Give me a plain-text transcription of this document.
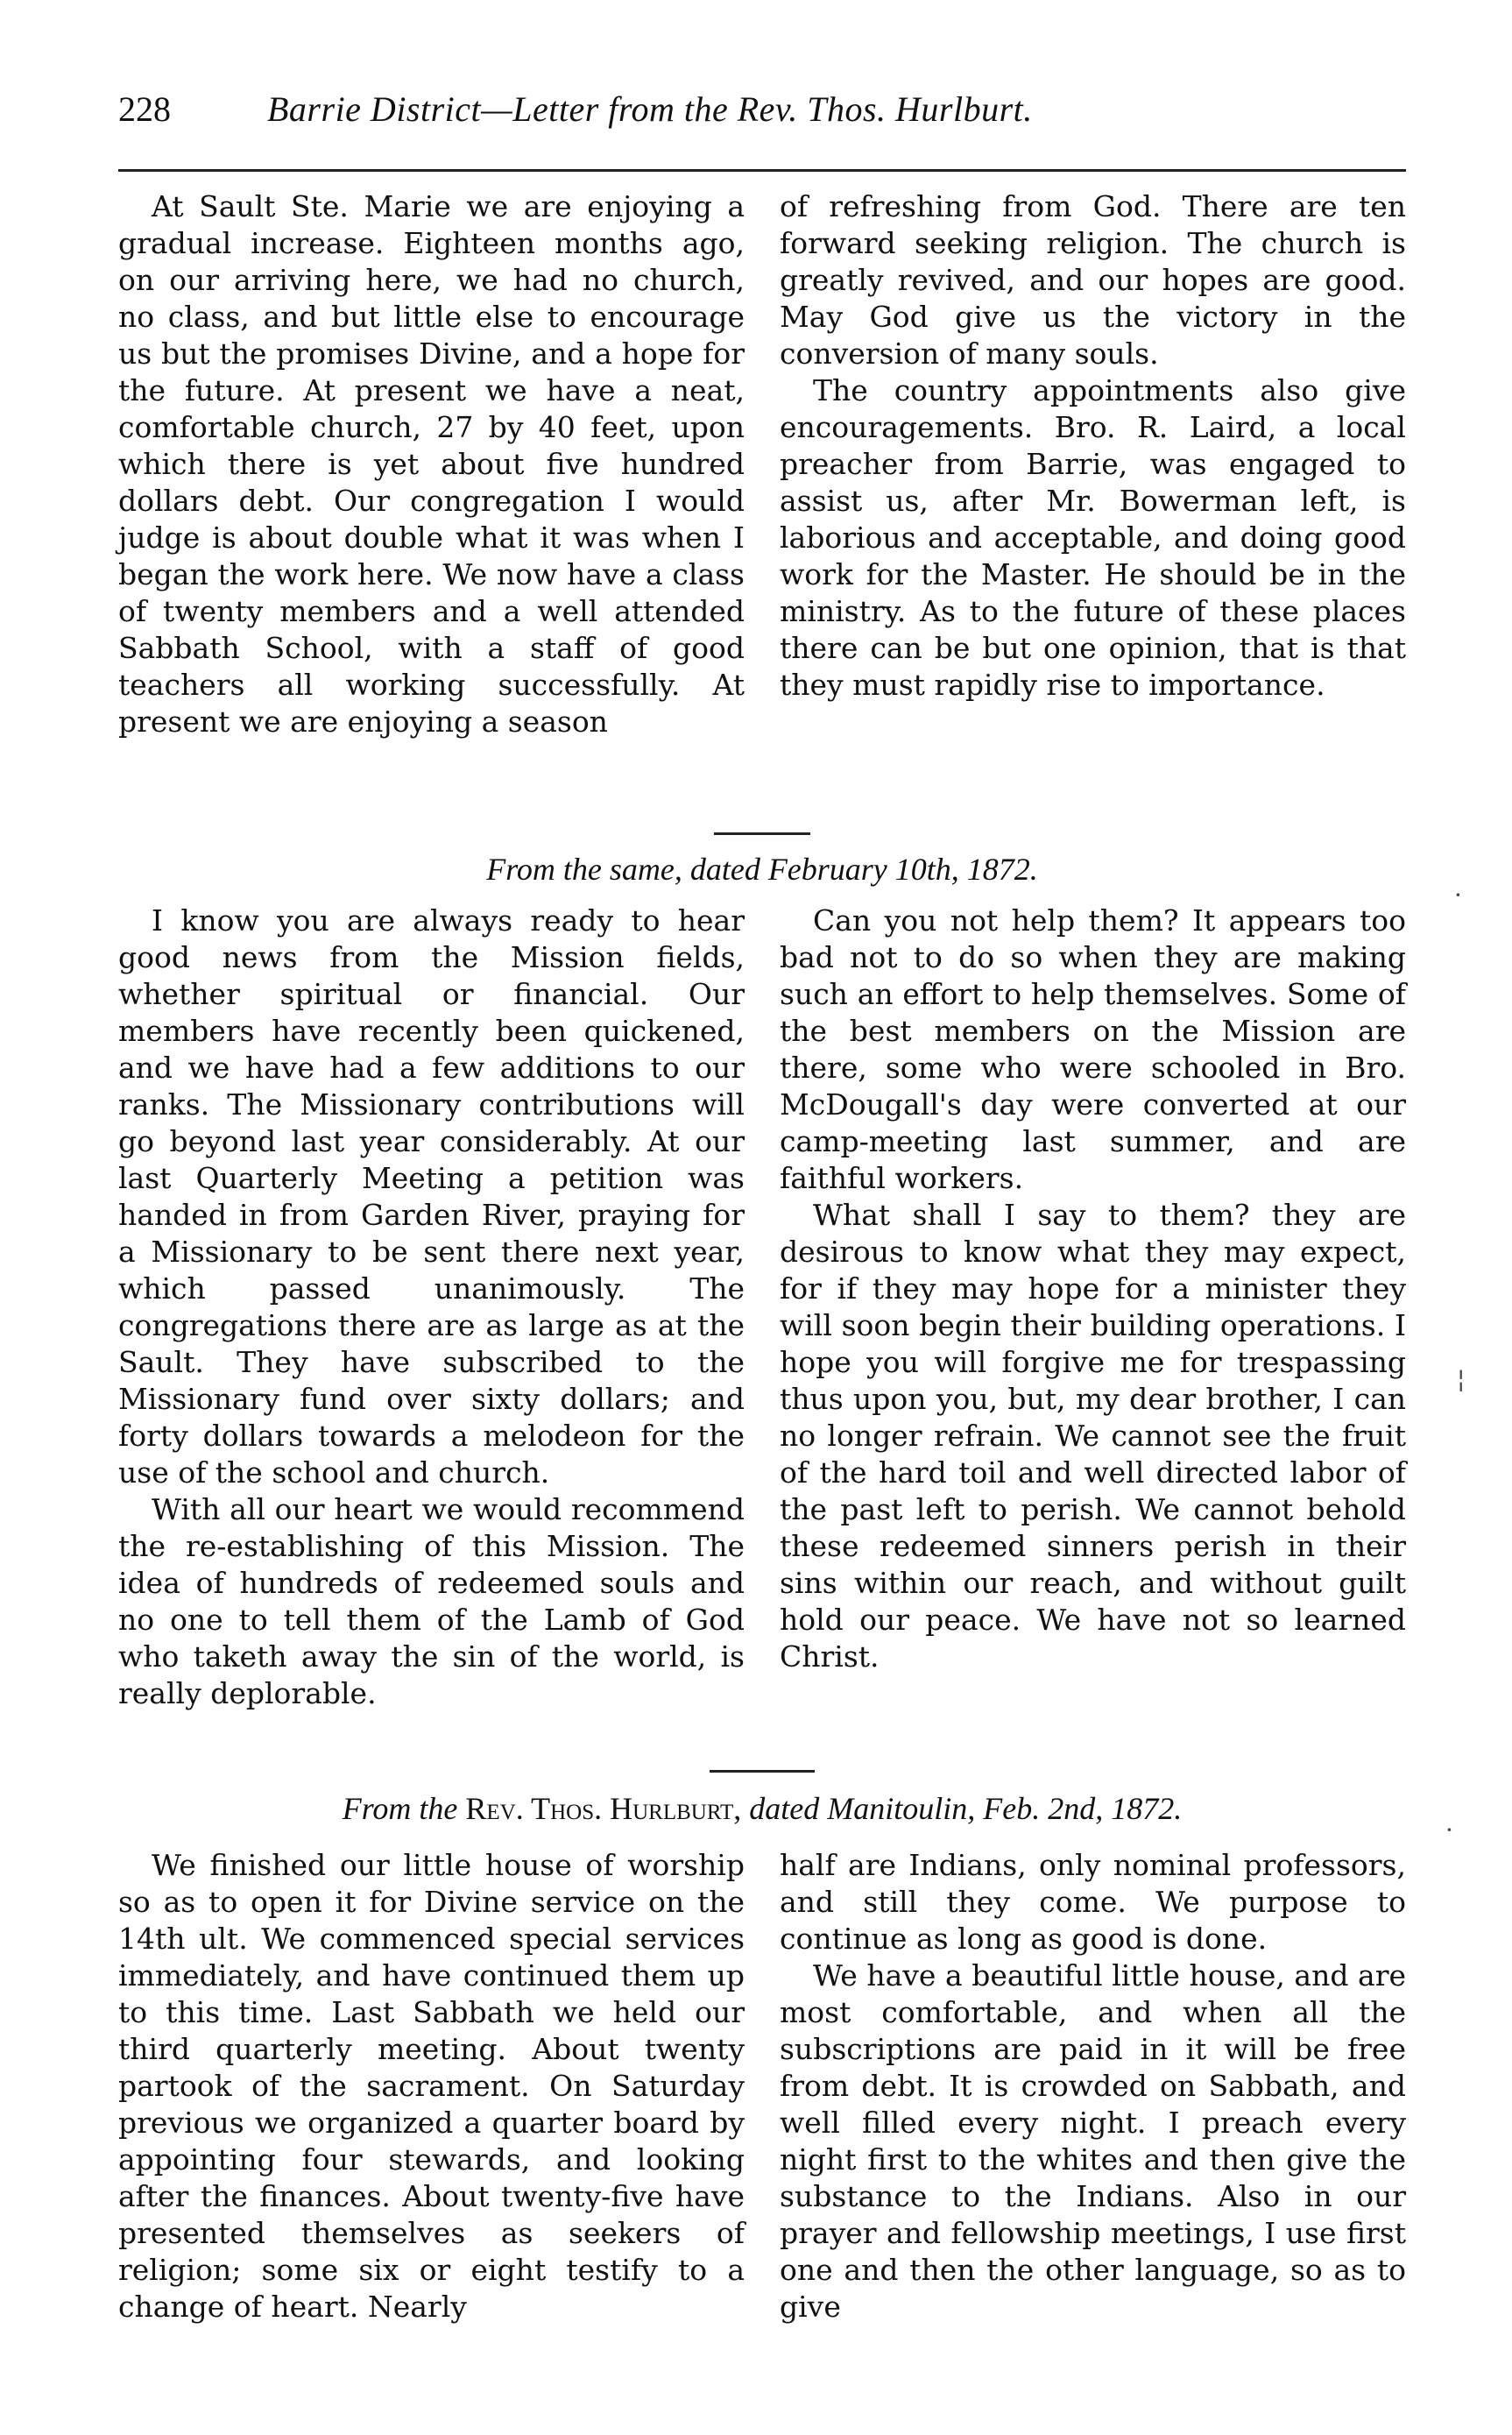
228	Barrie District—Letter from the Rev. Thos. Hurlburt.

At Sault Ste. Marie we are enjoying a gradual increase. Eighteen months ago, on our arriving here, we had no church, no class, and but little else to encourage us but the promises Divine, and a hope for the future. At present we have a neat, comfortable church, 27 by 40 feet, upon which there is yet about five hundred dollars debt. Our congregation I would judge is about double what it was when I began the work here. We now have a class of twenty members and a well attended Sabbath School, with a staff of good teachers all working successfully. At present we are enjoying a season

of refreshing from God. There are ten forward seeking religion. The church is greatly revived, and our hopes are good. May God give us the victory in the conversion of many souls.

The country appointments also give encouragements. Bro. R. Laird, a local preacher from Barrie, was engaged to assist us, after Mr. Bowerman left, is laborious and acceptable, and doing good work for the Master. He should be in the ministry. As to the future of these places there can be but one opinion, that is that they must rapidly rise to importance.

From the same, dated February 10th, 1872.

I know you are always ready to hear good news from the Mission fields, whether spiritual or financial. Our members have recently been quickened, and we have had a few additions to our ranks. The Missionary contributions will go beyond last year considerably. At our last Quarterly Meeting a petition was handed in from Garden River, praying for a Missionary to be sent there next year, which passed unanimously. The congregations there are as large as at the Sault. They have subscribed to the Missionary fund over sixty dollars; and forty dollars towards a melodeon for the use of the school and church.

With all our heart we would recommend the re-establishing of this Mission. The idea of hundreds of redeemed souls and no one to tell them of the Lamb of God who taketh away the sin of the world, is really deplorable.

Can you not help them? It appears too bad not to do so when they are making such an effort to help themselves. Some of the best members on the Mission are there, some who were schooled in Bro. McDougall's day were converted at our camp-meeting last summer, and are faithful workers.

What shall I say to them? they are desirous to know what they may expect, for if they may hope for a minister they will soon begin their building operations. I hope you will forgive me for trespassing thus upon you, but, my dear brother, I can no longer refrain. We cannot see the fruit of the hard toil and well directed labor of the past left to perish. We cannot behold these redeemed sinners perish in their sins within our reach, and without guilt hold our peace. We have not so learned Christ.

From the Rev. Thos. Hurlburt, dated Manitoulin, Feb. 2nd, 1872.

We finished our little house of worship so as to open it for Divine service on the 14th ult. We commenced special services immediately, and have continued them up to this time. Last Sabbath we held our third quarterly meeting. About twenty partook of the sacrament. On Saturday previous we organized a quarter board by appointing four stewards, and looking after the finances. About twenty-five have presented themselves as seekers of religion; some six or eight testify to a change of heart. Nearly

half are Indians, only nominal professors, and still they come. We purpose to continue as long as good is done.

We have a beautiful little house, and are most comfortable, and when all the subscriptions are paid in it will be free from debt. It is crowded on Sabbath, and well filled every night. I preach every night first to the whites and then give the substance to the Indians. Also in our prayer and fellowship meetings, I use first one and then the other language, so as to give

·
¦
·
